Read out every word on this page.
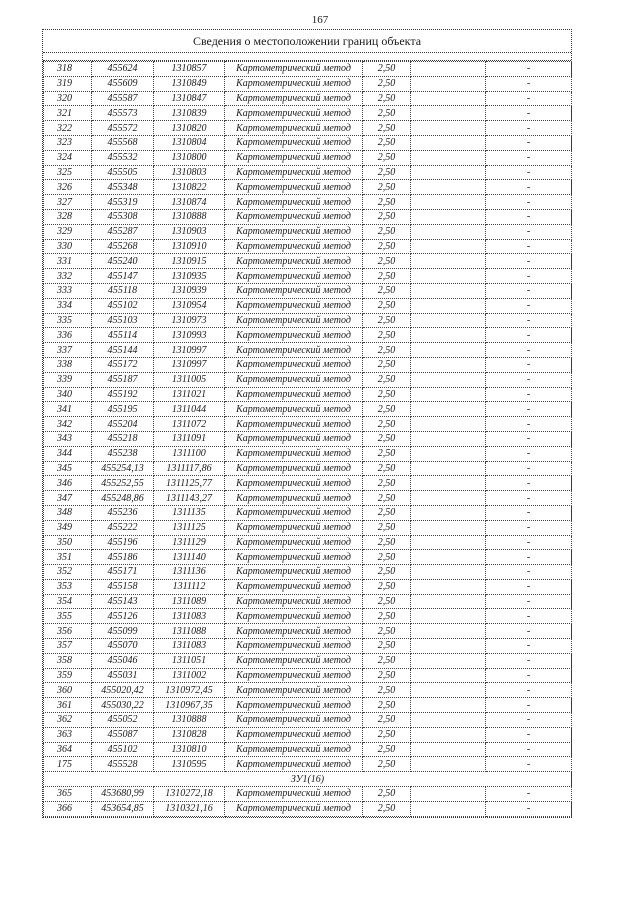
167
Сведения о местоположении границ объекта
318	455624	1310857	Картометрический метод	2,50		-
319	455609	1310849	Картометрический метод	2,50		-
320	455587	1310847	Картометрический метод	2,50		-
321	455573	1310839	Картометрический метод	2,50		-
322	455572	1310820	Картометрический метод	2,50		-
323	455568	1310804	Картометрический метод	2,50		-
324	455532	1310800	Картометрический метод	2,50		-
325	455505	1310803	Картометрический метод	2,50		-
326	455348	1310822	Картометрический метод	2,50		-
327	455319	1310874	Картометрический метод	2,50		-
328	455308	1310888	Картометрический метод	2,50		-
329	455287	1310903	Картометрический метод	2,50		-
330	455268	1310910	Картометрический метод	2,50		-
331	455240	1310915	Картометрический метод	2,50		-
332	455147	1310935	Картометрический метод	2,50		-
333	455118	1310939	Картометрический метод	2,50		-
334	455102	1310954	Картометрический метод	2,50		-
335	455103	1310973	Картометрический метод	2,50		-
336	455114	1310993	Картометрический метод	2,50		-
337	455144	1310997	Картометрический метод	2,50		-
338	455172	1310997	Картометрический метод	2,50		-
339	455187	1311005	Картометрический метод	2,50		-
340	455192	1311021	Картометрический метод	2,50		-
341	455195	1311044	Картометрический метод	2,50		-
342	455204	1311072	Картометрический метод	2,50		-
343	455218	1311091	Картометрический метод	2,50		-
344	455238	1311100	Картометрический метод	2,50		-
345	455254,13	1311117,86	Картометрический метод	2,50		-
346	455252,55	1311125,77	Картометрический метод	2,50		-
347	455248,86	1311143,27	Картометрический метод	2,50		-
348	455236	1311135	Картометрический метод	2,50		-
349	455222	1311125	Картометрический метод	2,50		-
350	455196	1311129	Картометрический метод	2,50		-
351	455186	1311140	Картометрический метод	2,50		-
352	455171	1311136	Картометрический метод	2,50		-
353	455158	1311112	Картометрический метод	2,50		-
354	455143	1311089	Картометрический метод	2,50		-
355	455126	1311083	Картометрический метод	2,50		-
356	455099	1311088	Картометрический метод	2,50		-
357	455070	1311083	Картометрический метод	2,50		-
358	455046	1311051	Картометрический метод	2,50		-
359	455031	1311002	Картометрический метод	2,50		-
360	455020,42	1310972,45	Картометрический метод	2,50		-
361	455030,22	1310967,35	Картометрический метод	2,50		-
362	455052	1310888	Картометрический метод	2,50		-
363	455087	1310828	Картометрический метод	2,50		-
364	455102	1310810	Картометрический метод	2,50		-
175	455528	1310595	Картометрический метод	2,50		-
ЗУ1(16)						
365	453680,99	1310272,18	Картометрический метод	2,50		-
366	453654,85	1310321,16	Картометрический метод	2,50		-
